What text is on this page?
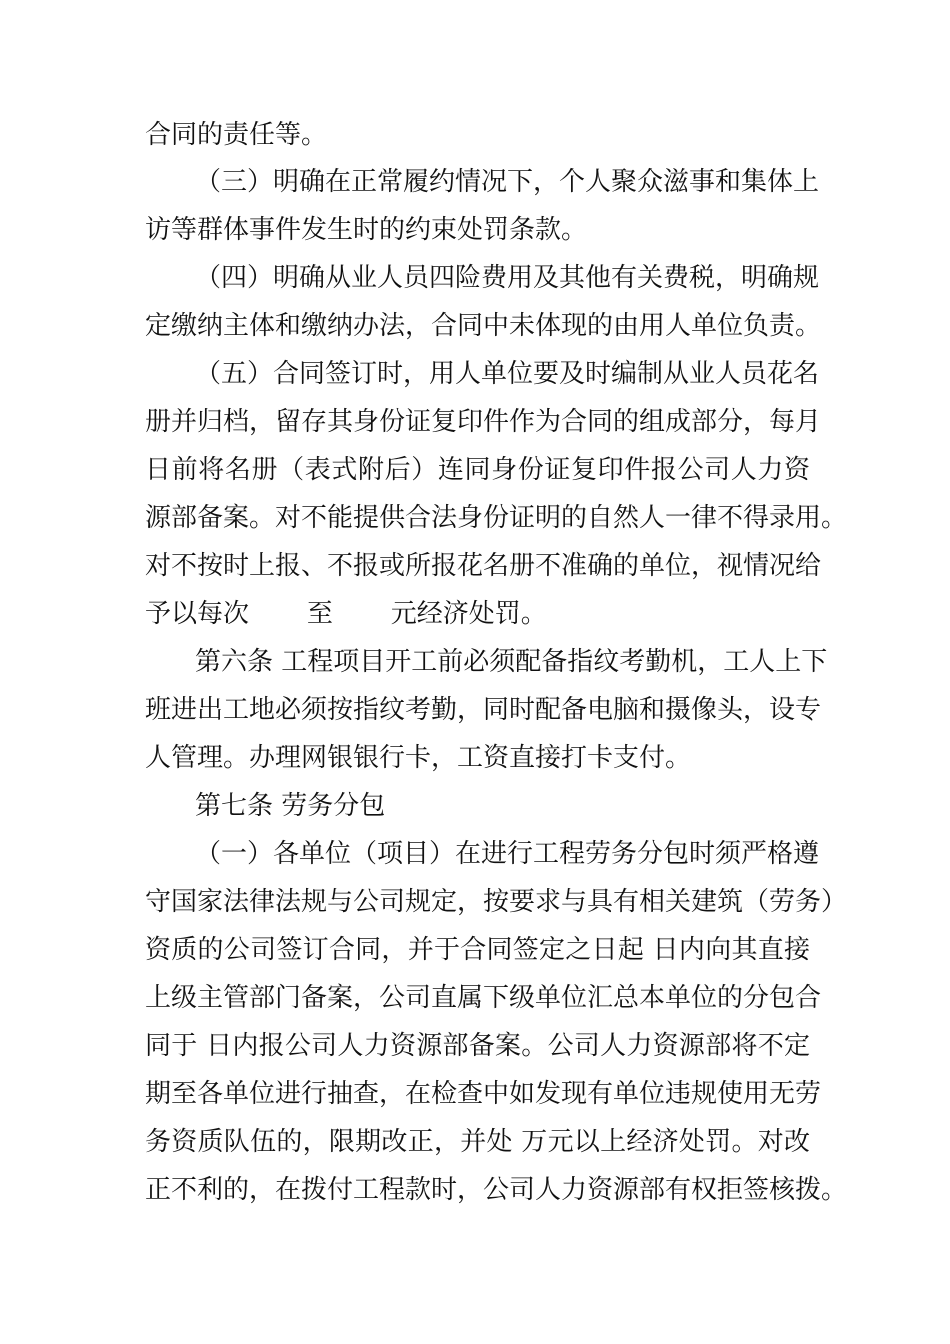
合同的责任等。
（三）明确在正常履约情况下，个人聚众滋事和集体上
访等群体事件发生时的约束处罚条款。
（四）明确从业人员四险费用及其他有关费税，明确规
定缴纳主体和缴纳办法，合同中未体现的由用人单位负责。
（五）合同签订时，用人单位要及时编制从业人员花名
册并归档，留存其身份证复印件作为合同的组成部分，每月
日前将名册（表式附后）连同身份证复印件报公司人力资
源部备案。对不能提供合法身份证明的自然人一律不得录用。
对不按时上报、不报或所报花名册不准确的单位，视情况给
予以每次       至       元经济处罚。
第六条 工程项目开工前必须配备指纹考勤机，工人上下
班进出工地必须按指纹考勤，同时配备电脑和摄像头，设专
人管理。办理网银银行卡，工资直接打卡支付。
第七条 劳务分包
（一）各单位（项目）在进行工程劳务分包时须严格遵
守国家法律法规与公司规定，按要求与具有相关建筑（劳务）
资质的公司签订合同，并于合同签定之日起 日内向其直接
上级主管部门备案，公司直属下级单位汇总本单位的分包合
同于 日内报公司人力资源部备案。公司人力资源部将不定
期至各单位进行抽查，在检查中如发现有单位违规使用无劳
务资质队伍的，限期改正，并处 万元以上经济处罚。对改
正不利的，在拨付工程款时，公司人力资源部有权拒签核拨。
